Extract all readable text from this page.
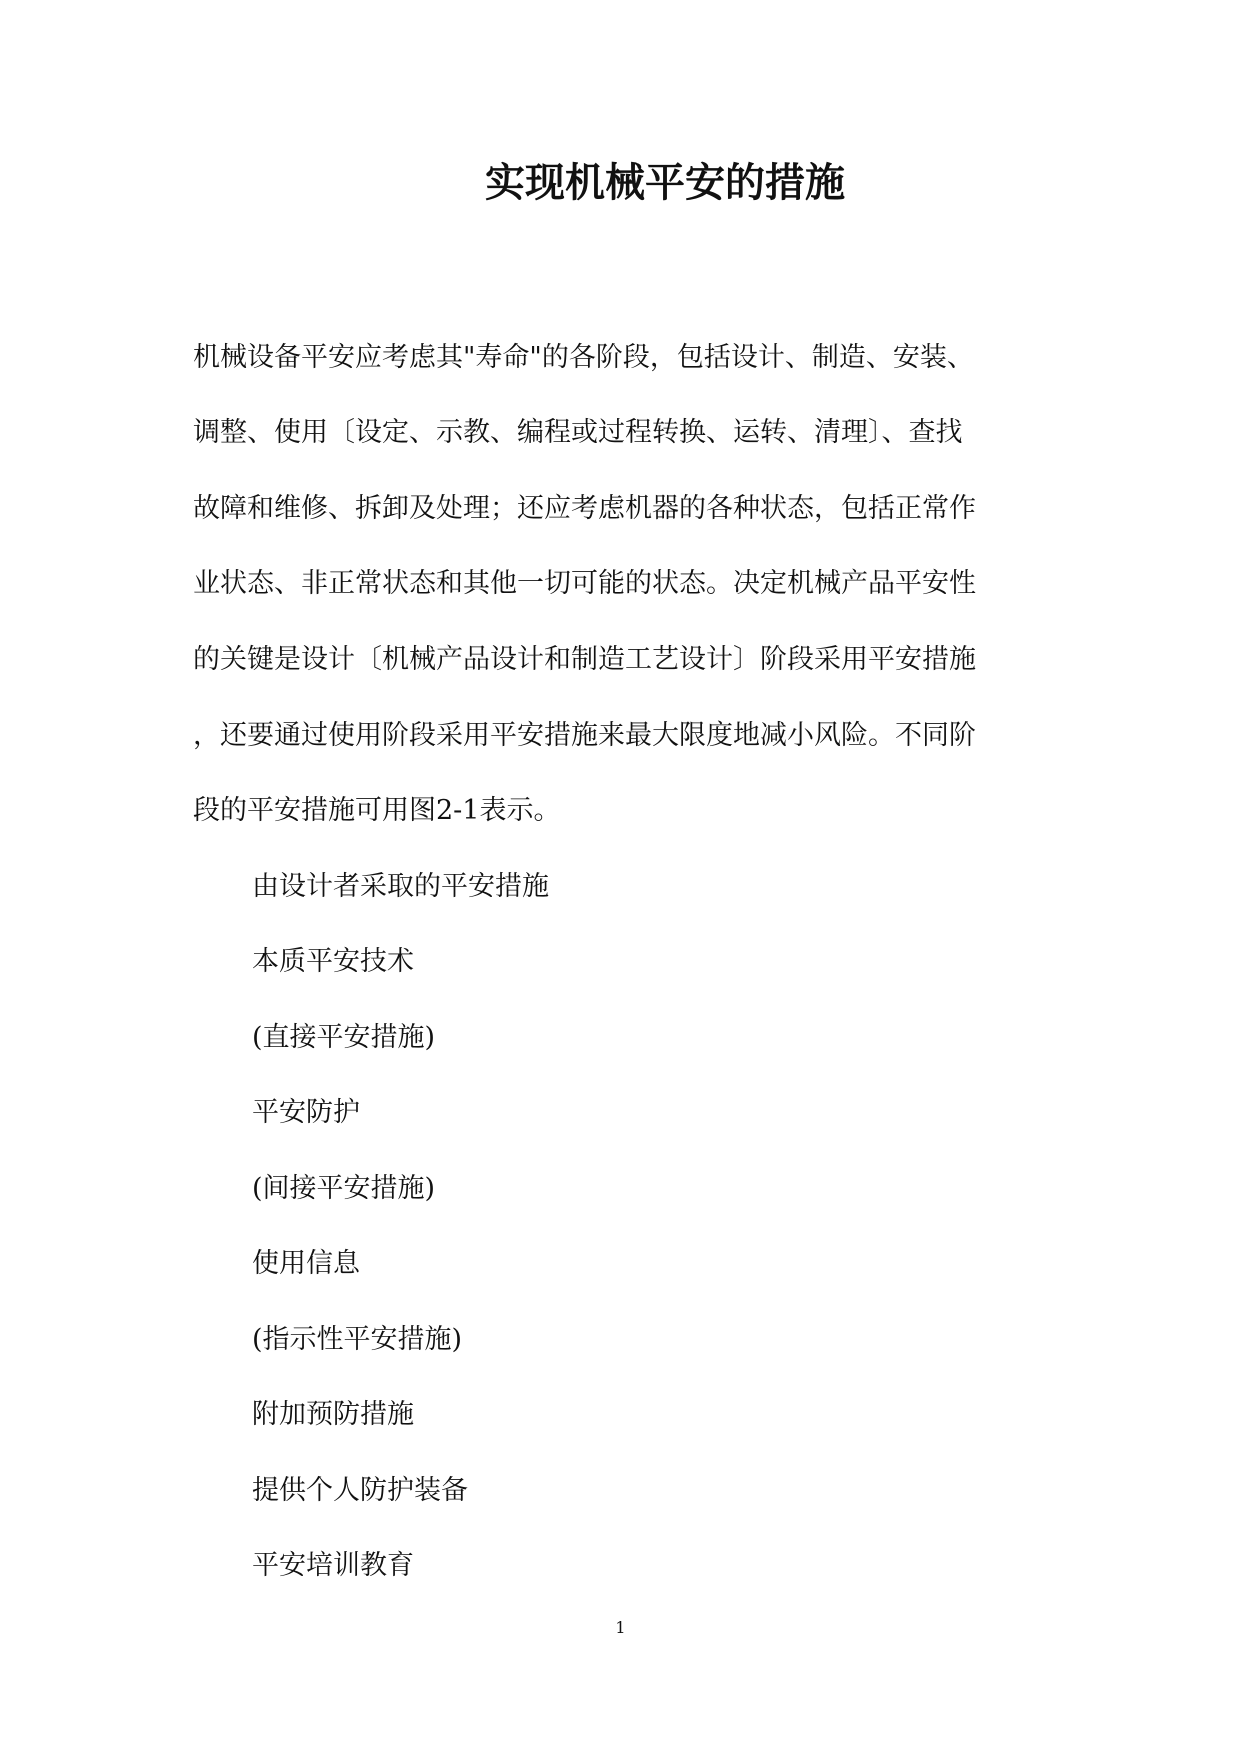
实现机械平安的措施
机械设备平安应考虑其"寿命"的各阶段，包括设计、制造、安装、
调整、使用〔设定、示教、编程或过程转换、运转、清理〕、查找
故障和维修、拆卸及处理；还应考虑机器的各种状态，包括正常作
业状态、非正常状态和其他一切可能的状态。决定机械产品平安性
的关键是设计〔机械产品设计和制造工艺设计〕阶段采用平安措施
，还要通过使用阶段采用平安措施来最大限度地减小风险。不同阶
段的平安措施可用图2-1表示。
由设计者采取的平安措施
本质平安技术
(直接平安措施)
平安防护
(间接平安措施)
使用信息
(指示性平安措施)
附加预防措施
提供个人防护装备
平安培训教育
1
